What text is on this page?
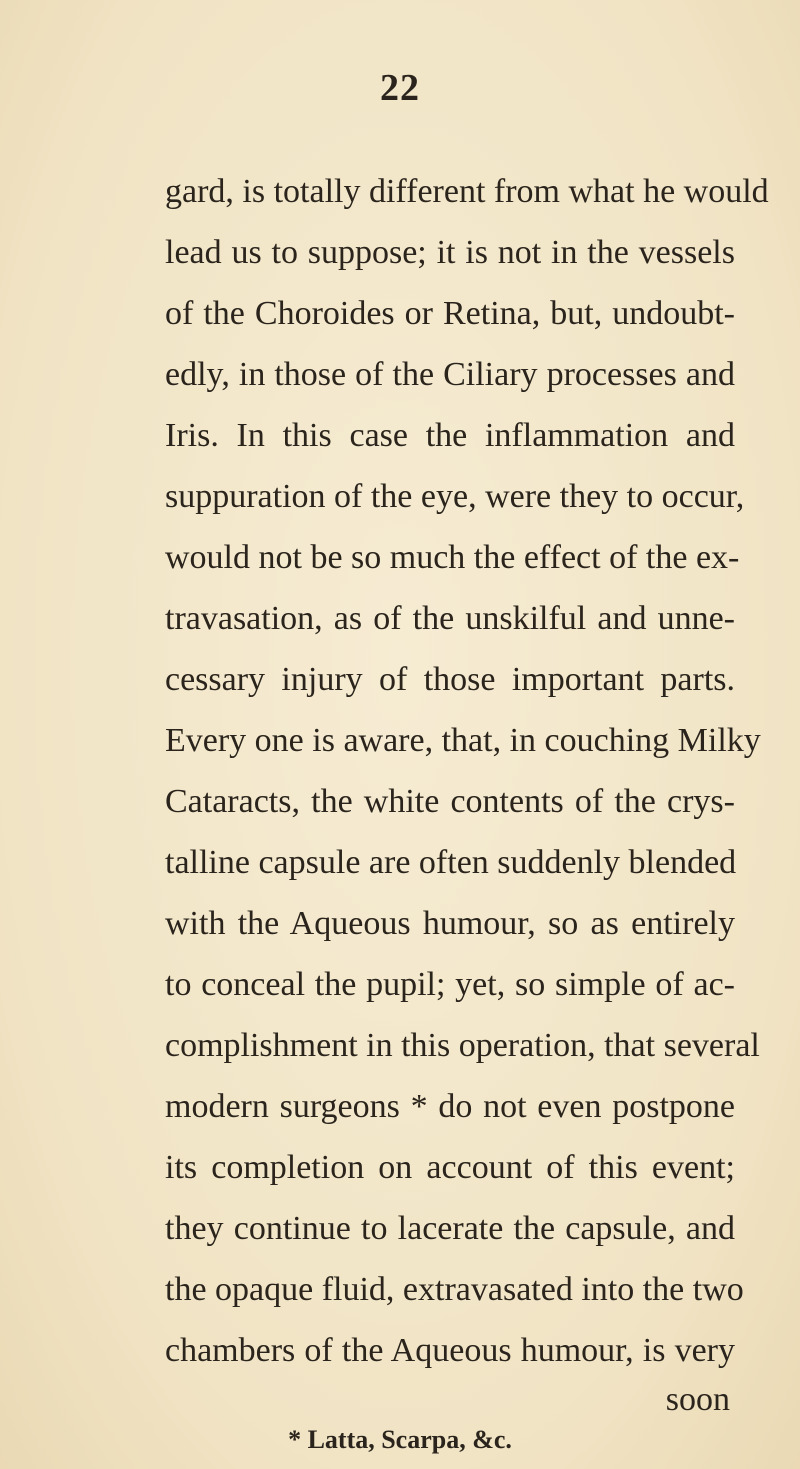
22
gard, is totally different from what he would
lead us to suppose; it is not in the vessels
of the Choroides or Retina, but, undoubt-
edly, in those of the Ciliary processes and
Iris. In this case the inflammation and
suppuration of the eye, were they to occur,
would not be so much the effect of the ex-
travasation, as of the unskilful and unne-
cessary injury of those important parts.
Every one is aware, that, in couching Milky
Cataracts, the white contents of the crys-
talline capsule are often suddenly blended
with the Aqueous humour, so as entirely
to conceal the pupil; yet, so simple of ac-
complishment in this operation, that several
modern surgeons * do not even postpone
its completion on account of this event;
they continue to lacerate the capsule, and
the opaque fluid, extravasated into the two
chambers of the Aqueous humour, is very
soon
* Latta, Scarpa, &c.
